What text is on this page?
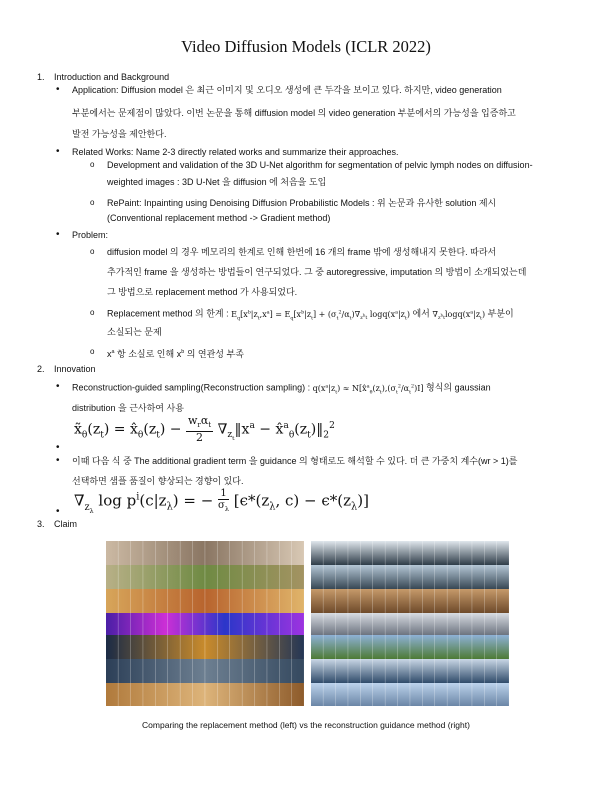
Video Diffusion Models (ICLR 2022)
1. Introduction and Background
• Application: Diffusion model 은 최근 이미지 및 오디오 생성에 큰 두각을 보이고 있다. 하지만, video generation
부분에서는 문제점이 많았다. 이번 논문을 통해 diffusion model 의 video generation 부분에서의 가능성을 입증하고
발전 가능성을 제안한다.
• Related Works: Name 2-3 directly related works and summarize their approaches.
o Development and validation of the 3D U-Net algorithm for segmentation of pelvic lymph nodes on diffusion-
weighted images : 3D U-Net 을 diffusion 에 처음을 도입
o RePaint: Inpainting using Denoising Diffusion Probabilistic Models : 위 논문과 유사한 solution 제시
(Conventional replacement method -> Gradient method)
• Problem:
o diffusion model 의 경우 메모리의 한계로 인해 한번에 16 개의 frame 밖에 생성해내지 못한다. 따라서
추가적인 frame 을 생성하는 방법들이 연구되었다. 그 중 autoregressive, imputation 의 방법이 소개되었는데
그 방법으로 replacement method 가 사용되었다.
o Replacement method 의 한계 : $E_q[x^b|z_t,x^a] = E_q[x^b|z_t] + (\sigma_t^2/\alpha_t)\nabla_{z^bt}$ $\log q(x^a|z_t)$ 에서 $\nabla_{z^bt}\log q(x^a|z_t)$ 부분이
소실되는 문제
o $x^a$ 항 소실로 인해 $x^b$ 의 연관성 부족
2. Innovation
• Reconstruction-guided sampling(Reconstruction sampling) : $q(x^a|z_t)$ ≈ $N[x̂^a_\theta(z_t),(\sigma_t^2/\alpha_t^2)I]$ 형식의 gaussian
distribution 을 근사하여 사용
$x̃_\theta(z_t)$ = $x̂_\theta(z_t)$ −
$w_r\alpha_t$
2
$\nabla_{z_t}‖x^a$ − $x̂^a_\theta(z_t)‖_2^2$
•
• 이때 다음 식 중 The additional gradient term 을 guidance 의 형태로도 해석할 수 있다. 더 큰 가중치 계수(wr > 1)를
선택하면 샘플 품질이 향상되는 경향이 있다.
$\nabla_{z_\lambda}$ $\log p^i(c|z_\lambda)$ = − $\frac{1}{\sigma_\lambda} [\epsilon*(z_\lambda$, $c) - \epsilon*(z_\lambda)$]
•
3. Claim
Comparing the replacement method (left) vs the reconstruction guidance method (right)
